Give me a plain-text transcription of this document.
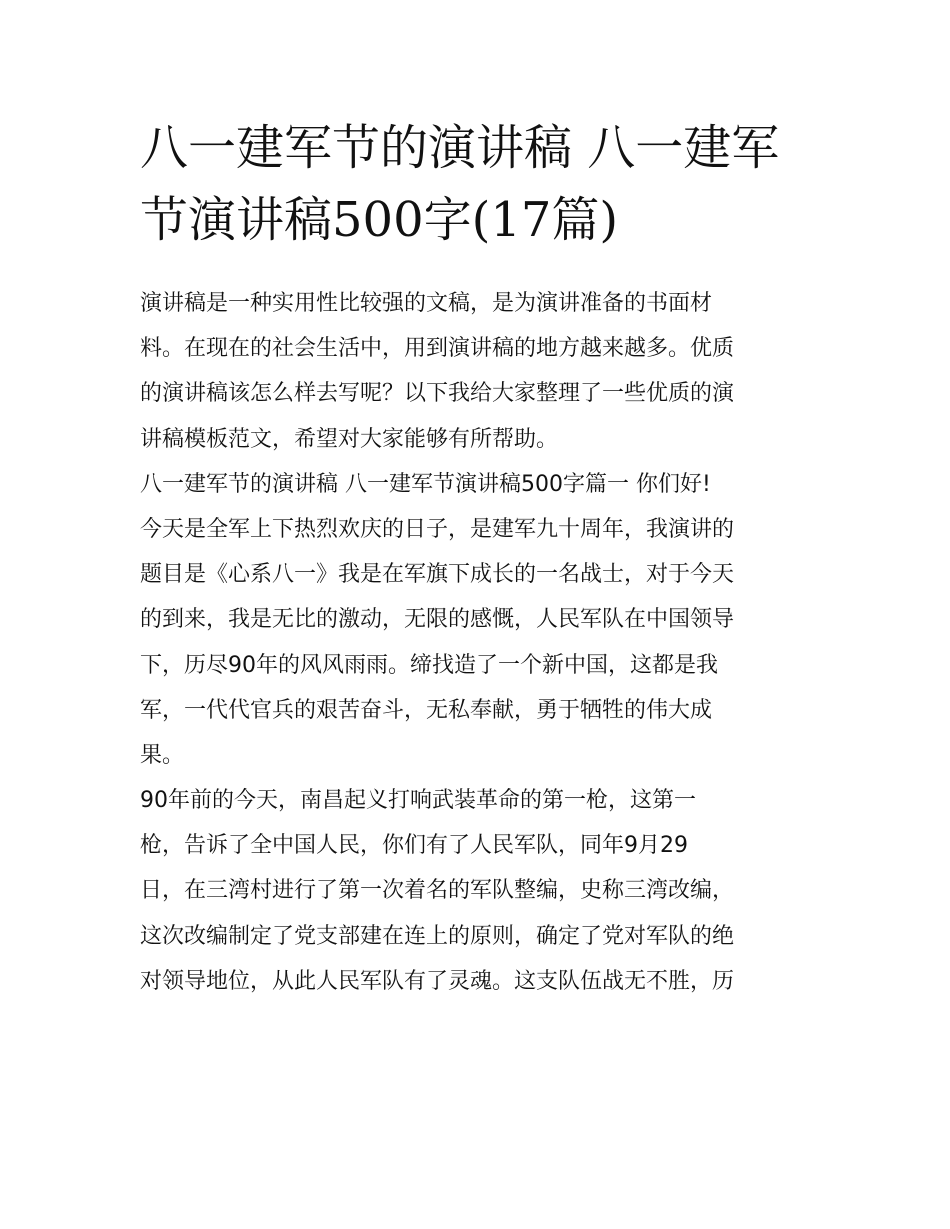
八一建军节的演讲稿 八一建军
节演讲稿500字(17篇)
演讲稿是一种实用性比较强的文稿，是为演讲准备的书面材
料。在现在的社会生活中，用到演讲稿的地方越来越多。优质
的演讲稿该怎么样去写呢？以下我给大家整理了一些优质的演
讲稿模板范文，希望对大家能够有所帮助。
八一建军节的演讲稿 八一建军节演讲稿500字篇一 你们好!
今天是全军上下热烈欢庆的日子，是建军九十周年，我演讲的
题目是《心系八一》我是在军旗下成长的一名战士，对于今天
的到来，我是无比的激动，无限的感慨，人民军队在中国领导
下，历尽90年的风风雨雨。缔找造了一个新中国，这都是我
军，一代代官兵的艰苦奋斗，无私奉献，勇于牺牲的伟大成
果。
90年前的今天，南昌起义打响武装革命的第一枪，这第一
枪，告诉了全中国人民，你们有了人民军队，同年9月29
日，在三湾村进行了第一次着名的军队整编，史称三湾改编，
这次改编制定了党支部建在连上的原则，确定了党对军队的绝
对领导地位，从此人民军队有了灵魂。这支队伍战无不胜，历
